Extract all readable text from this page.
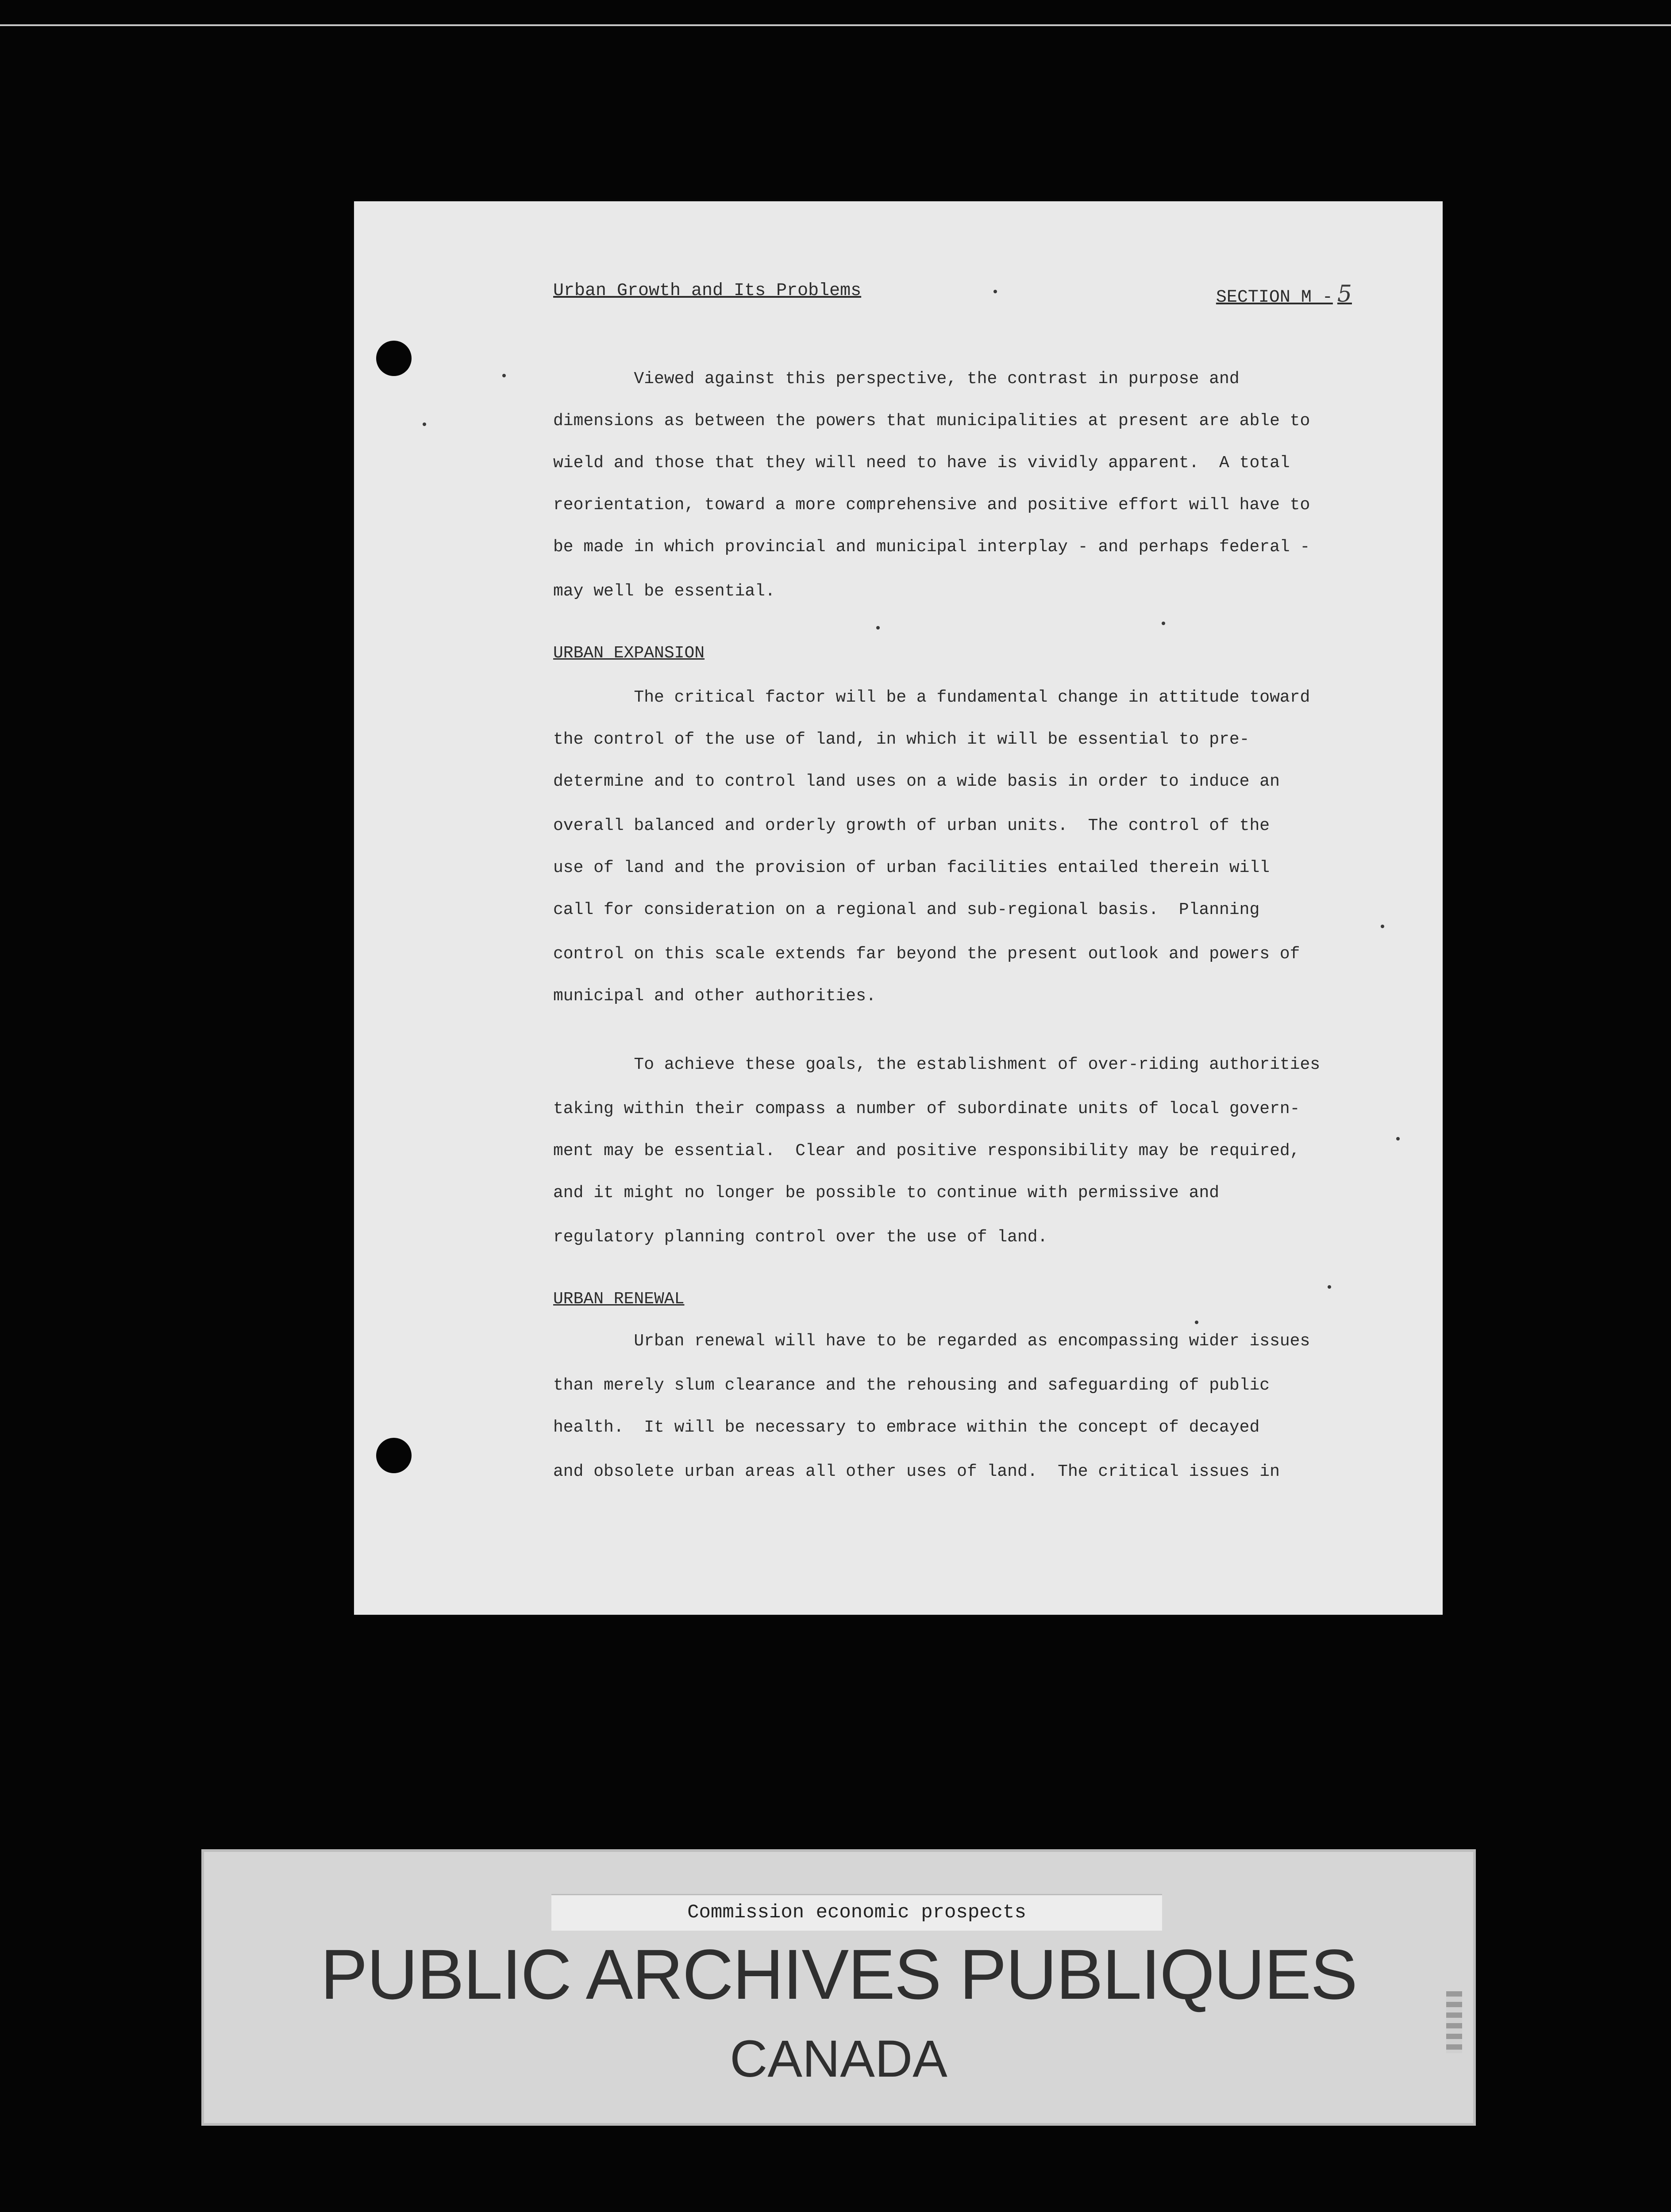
Urban Growth and Its Problems	SECTION M - 5
Viewed against this perspective, the contrast in purpose and
dimensions as between the powers that municipalities at present are able to
wield and those that they will need to have is vividly apparent.  A total
reorientation, toward a more comprehensive and positive effort will have to
be made in which provincial and municipal interplay - and perhaps federal -
may well be essential.
URBAN EXPANSION
The critical factor will be a fundamental change in attitude toward
the control of the use of land, in which it will be essential to pre-
determine and to control land uses on a wide basis in order to induce an
overall balanced and orderly growth of urban units.  The control of the
use of land and the provision of urban facilities entailed therein will
call for consideration on a regional and sub-regional basis.  Planning
control on this scale extends far beyond the present outlook and powers of
municipal and other authorities.
To achieve these goals, the establishment of over-riding authorities
taking within their compass a number of subordinate units of local govern-
ment may be essential.  Clear and positive responsibility may be required,
and it might no longer be possible to continue with permissive and
regulatory planning control over the use of land.
URBAN RENEWAL
Urban renewal will have to be regarded as encompassing wider issues
than merely slum clearance and the rehousing and safeguarding of public
health.  It will be necessary to embrace within the concept of decayed
and obsolete urban areas all other uses of land.  The critical issues in
Commission economic prospects
PUBLIC ARCHIVES PUBLIQUES
CANADA
